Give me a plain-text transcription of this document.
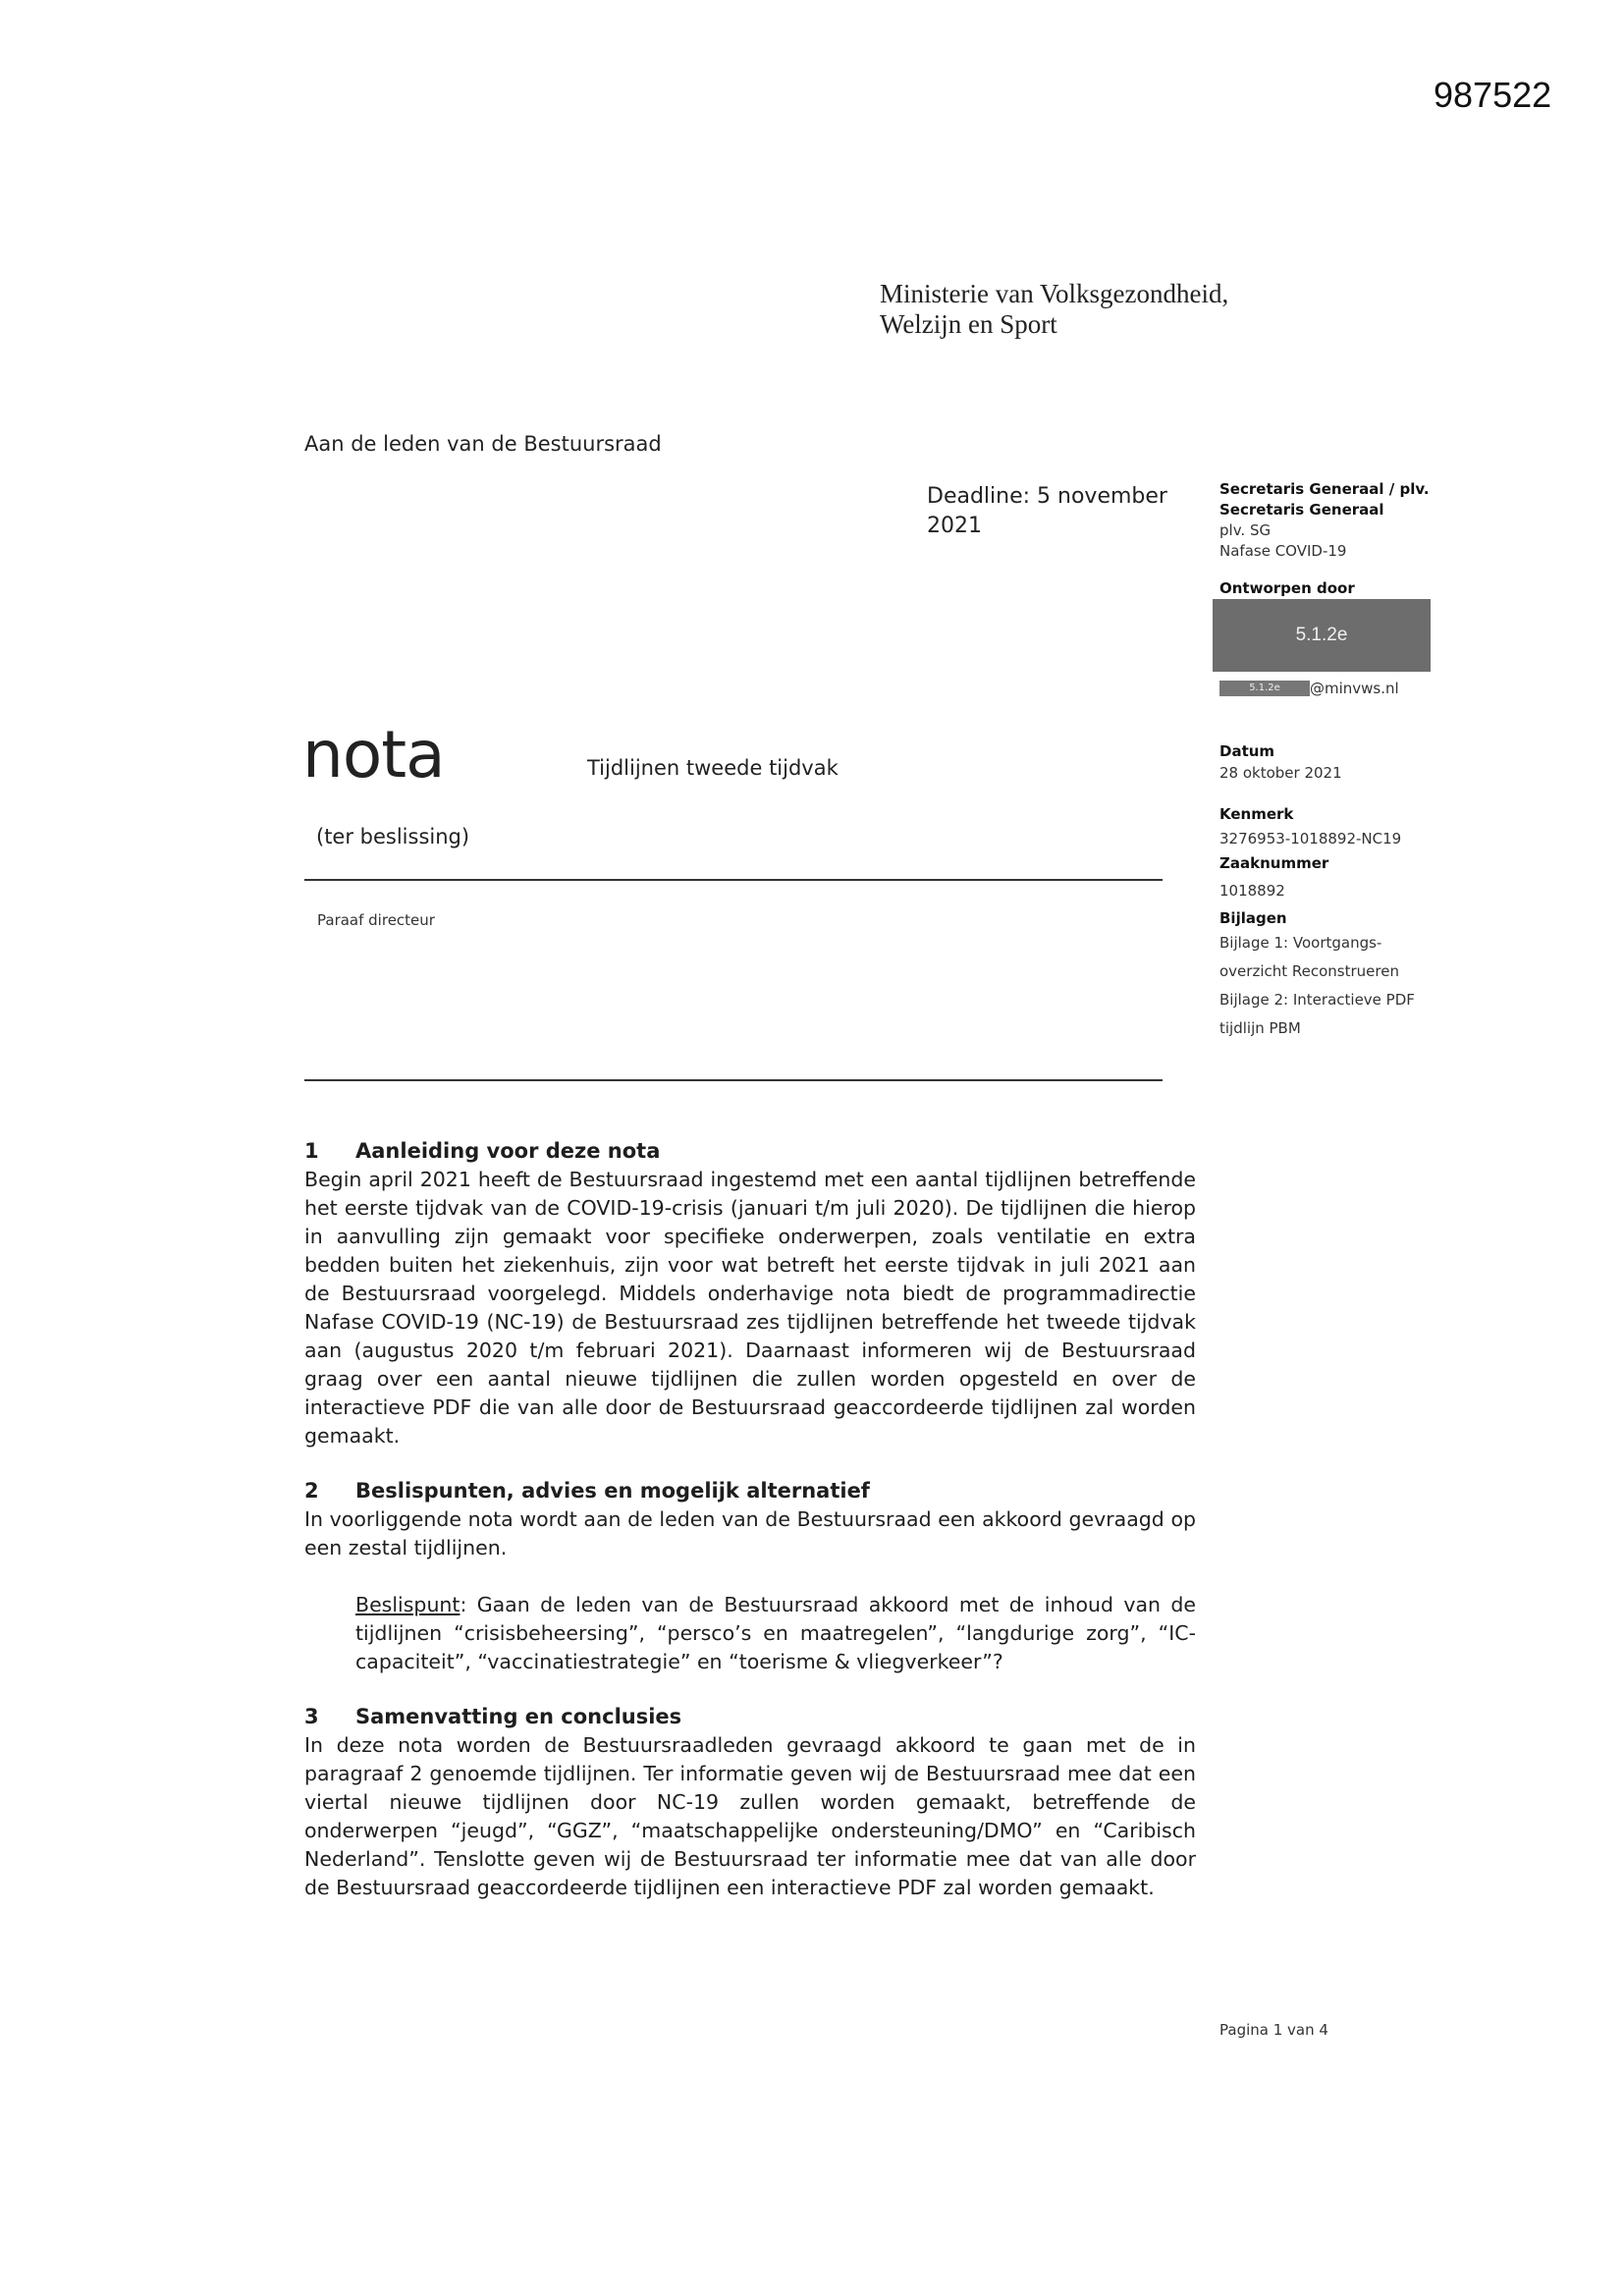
987522
Ministerie van Volksgezondheid,
Welzijn en Sport
Aan de leden van de Bestuursraad
Deadline: 5 november
2021
Secretaris Generaal / plv.
Secretaris Generaal
plv. SG
Nafase COVID-19
Ontworpen door
5.1.2e
5.1.2e	@minvws.nl
Datum
28 oktober 2021
Kenmerk
3276953-1018892-NC19
Zaaknummer
1018892
Bijlagen
Bijlage 1: Voortgangs-
overzicht Reconstrueren
Bijlage 2: Interactieve PDF
tijdlijn PBM
nota	Tijdlijnen tweede tijdvak
(ter beslissing)
Paraaf directeur
1 Aanleiding voor deze nota

Begin april 2021 heeft de Bestuursraad ingestemd met een aantal tijdlijnen betreffende het eerste tijdvak van de COVID-19-crisis (januari t/m juli 2020). De tijdlijnen die hierop in aanvulling zijn gemaakt voor specifieke onderwerpen, zoals ventilatie en extra bedden buiten het ziekenhuis, zijn voor wat betreft het eerste tijdvak in juli 2021 aan de Bestuursraad voorgelegd. Middels onderhavige nota biedt de programmadirectie Nafase COVID-19 (NC-19) de Bestuursraad zes tijdlijnen betreffende het tweede tijdvak aan (augustus 2020 t/m februari 2021). Daarnaast informeren wij de Bestuursraad graag over een aantal nieuwe tijdlijnen die zullen worden opgesteld en over de interactieve PDF die van alle door de Bestuursraad geaccordeerde tijdlijnen zal worden gemaakt.

2 Beslispunten, advies en mogelijk alternatief

In voorliggende nota wordt aan de leden van de Bestuursraad een akkoord gevraagd op een zestal tijdlijnen.

Beslispunt: Gaan de leden van de Bestuursraad akkoord met de inhoud van de tijdlijnen “crisisbeheersing”, “persco’s en maatregelen”, “langdurige zorg”, “IC-capaciteit”, “vaccinatiestrategie” en “toerisme & vliegverkeer”?
3 Samenvatting en conclusies

In deze nota worden de Bestuursraadleden gevraagd akkoord te gaan met de in paragraaf 2 genoemde tijdlijnen. Ter informatie geven wij de Bestuursraad mee dat een viertal nieuwe tijdlijnen door NC-19 zullen worden gemaakt, betreffende de onderwerpen “jeugd”, “GGZ”, “maatschappelijke ondersteuning/DMO” en “Caribisch Nederland”. Tenslotte geven wij de Bestuursraad ter informatie mee dat van alle door de Bestuursraad geaccordeerde tijdlijnen een interactieve PDF zal worden gemaakt.

Pagina 1 van 4
